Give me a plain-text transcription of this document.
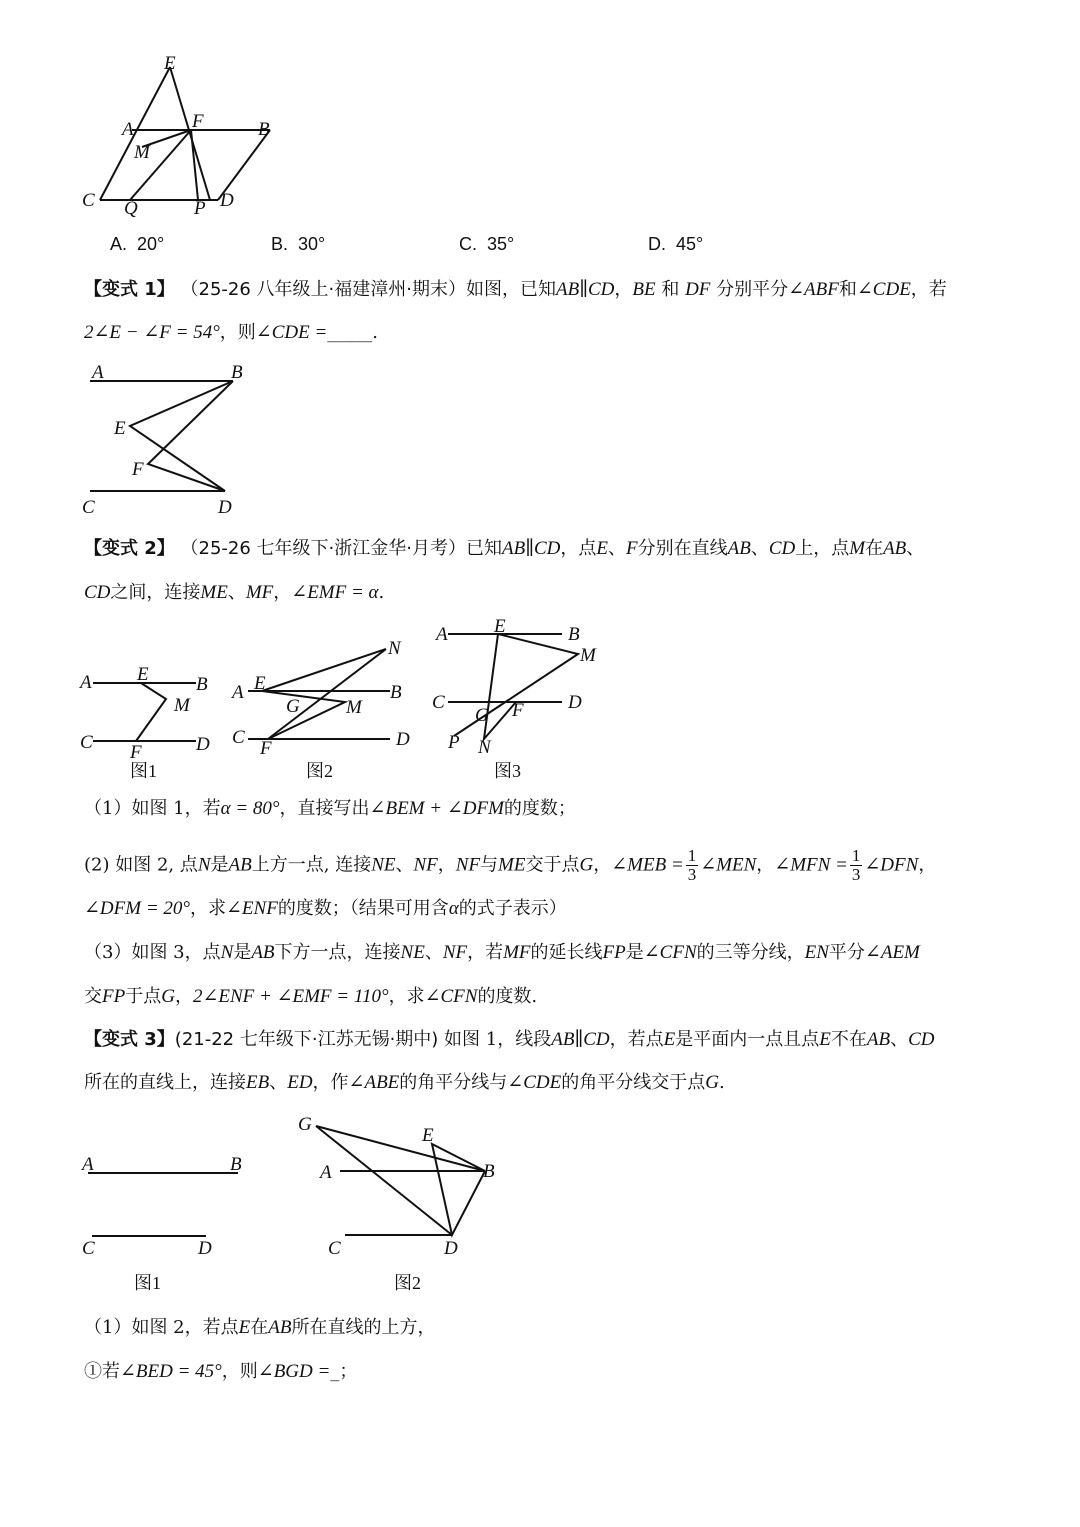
E
A	F	B
M
C Q	P D
A. 20°	B. 30°	C. 35°	D. 45°
【变式 1】 （25-26 八年级上·福建漳州·期末）如图，已知AB∥CD，BE 和 DF 分别平分∠ABF和∠CDE，若
2∠E − ∠F = 54°，则∠CDE =_____.
A	B
E
F
C	D
【变式 2】 （25-26 七年级下·浙江金华·月考）已知AB∥CD，点E、F分别在直线AB、CD上，点M在AB、
CD之间，连接ME、MF，∠EMF = α.
A E B
M
C F	D
图1
N
A E	B
G M
C
F	D
图2
A E	B
M
C	D
G F
P N
图3
（1）如图 1，若α = 80°，直接写出∠BEM + ∠DFM的度数；
(2) 如图 2, 点N是AB上方一点, 连接NE、NF，NF与ME交于点G，∠MEB = $\frac{1}{3}$ ∠MEN，∠MFN = $\frac{1}{3}$ ∠DFN，
∠DFM = 20°，求∠ENF的度数；（结果可用含α的式子表示）
（3）如图 3，点N是AB下方一点，连接NE、NF，若MF的延长线FP是∠CFN的三等分线，EN平分∠AEM
交FP于点G，2∠ENF + ∠EMF = 110°，求∠CFN的度数.
【变式 3】(21-22 七年级下·江苏无锡·期中) 如图 1，线段AB∥CD，若点E是平面内一点且点E不在AB、CD
所在的直线上，连接EB、ED，作∠ABE的角平分线与∠CDE的角平分线交于点G.
A	B
C	D
图1
G
E
A	B
C	D
图2
（1）如图 2，若点E在AB所在直线的上方，
①若∠BED = 45°，则∠BGD =_；
